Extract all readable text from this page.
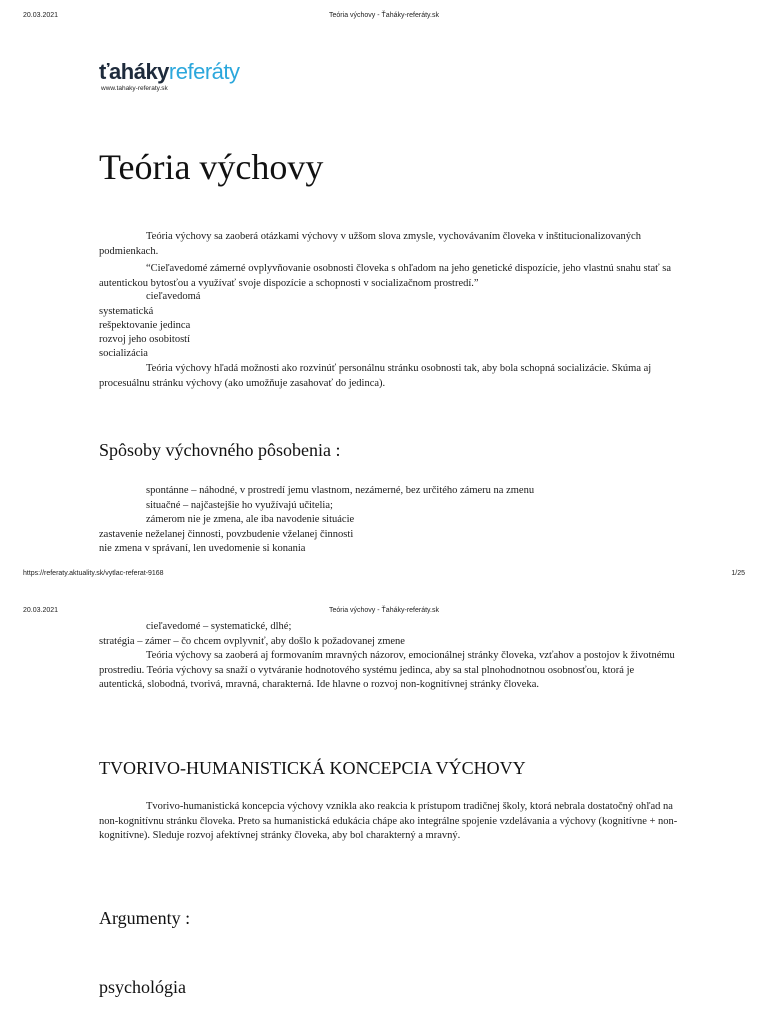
20.03.2021	Teória výchovy - Ťaháky-referáty.sk
ťahákyreferáty
www.tahaky-referaty.sk
Teória výchovy

Teória výchovy sa zaoberá otázkami výchovy v užšom slova zmysle, vychovávaním človeka v inštitucionalizovaných podmienkach.

“Cieľavedomé zámerné ovplyvňovanie osobnosti človeka s ohľadom na jeho genetické dispozície, jeho vlastnú snahu stať sa autentickou bytosťou a využívať svoje dispozície a schopnosti v socializačnom prostredí.”

cieľavedomá
systematická
rešpektovanie jedinca
rozvoj jeho osobitostí
socializácia

Teória výchovy hľadá možnosti ako rozvinúť personálnu stránku osobnosti tak, aby bola schopná socializácie. Skúma aj procesuálnu stránku výchovy (ako umožňuje zasahovať do jedinca).

Spôsoby výchovného pôsobenia :
spontánne – náhodné, v prostredí jemu vlastnom, nezámerné, bez určitého zámeru na zmenu
situačné – najčastejšie ho využívajú učitelia;
zámerom nie je zmena, ale iba navodenie situácie
zastavenie neželanej činnosti, povzbudenie vželanej činnosti
nie zmena v správaní, len uvedomenie si konania
https://referaty.aktuality.sk/vytlac-referat-9168	1/25
20.03.2021	Teória výchovy - Ťaháky-referáty.sk
cieľavedomé – systematické, dlhé;
stratégia – zámer – čo chcem ovplyvniť, aby došlo k požadovanej zmene

Teória výchovy sa zaoberá aj formovaním mravných názorov, emocionálnej stránky človeka, vzťahov a postojov k životnému prostrediu. Teória výchovy sa snaží o vytváranie hodnotového systému jedinca, aby sa stal plnohodnotnou osobnosťou, ktorá je autentická, slobodná, tvorivá, mravná, charakterná. Ide hlavne o rozvoj non-kognitívnej stránky človeka.

TVORIVO-HUMANISTICKÁ KONCEPCIA VÝCHOVY

Tvorivo-humanistická koncepcia výchovy vznikla ako reakcia k prístupom tradičnej školy, ktorá nebrala dostatočný ohľad na non-kognitívnu stránku človeka. Preto sa humanistická edukácia chápe ako integrálne spojenie vzdelávania a výchovy (kognitívne + non-kognitívne). Sleduje rozvoj afektívnej stránky človeka, aby bol charakterný a mravný.

Argumenty :
psychológia
